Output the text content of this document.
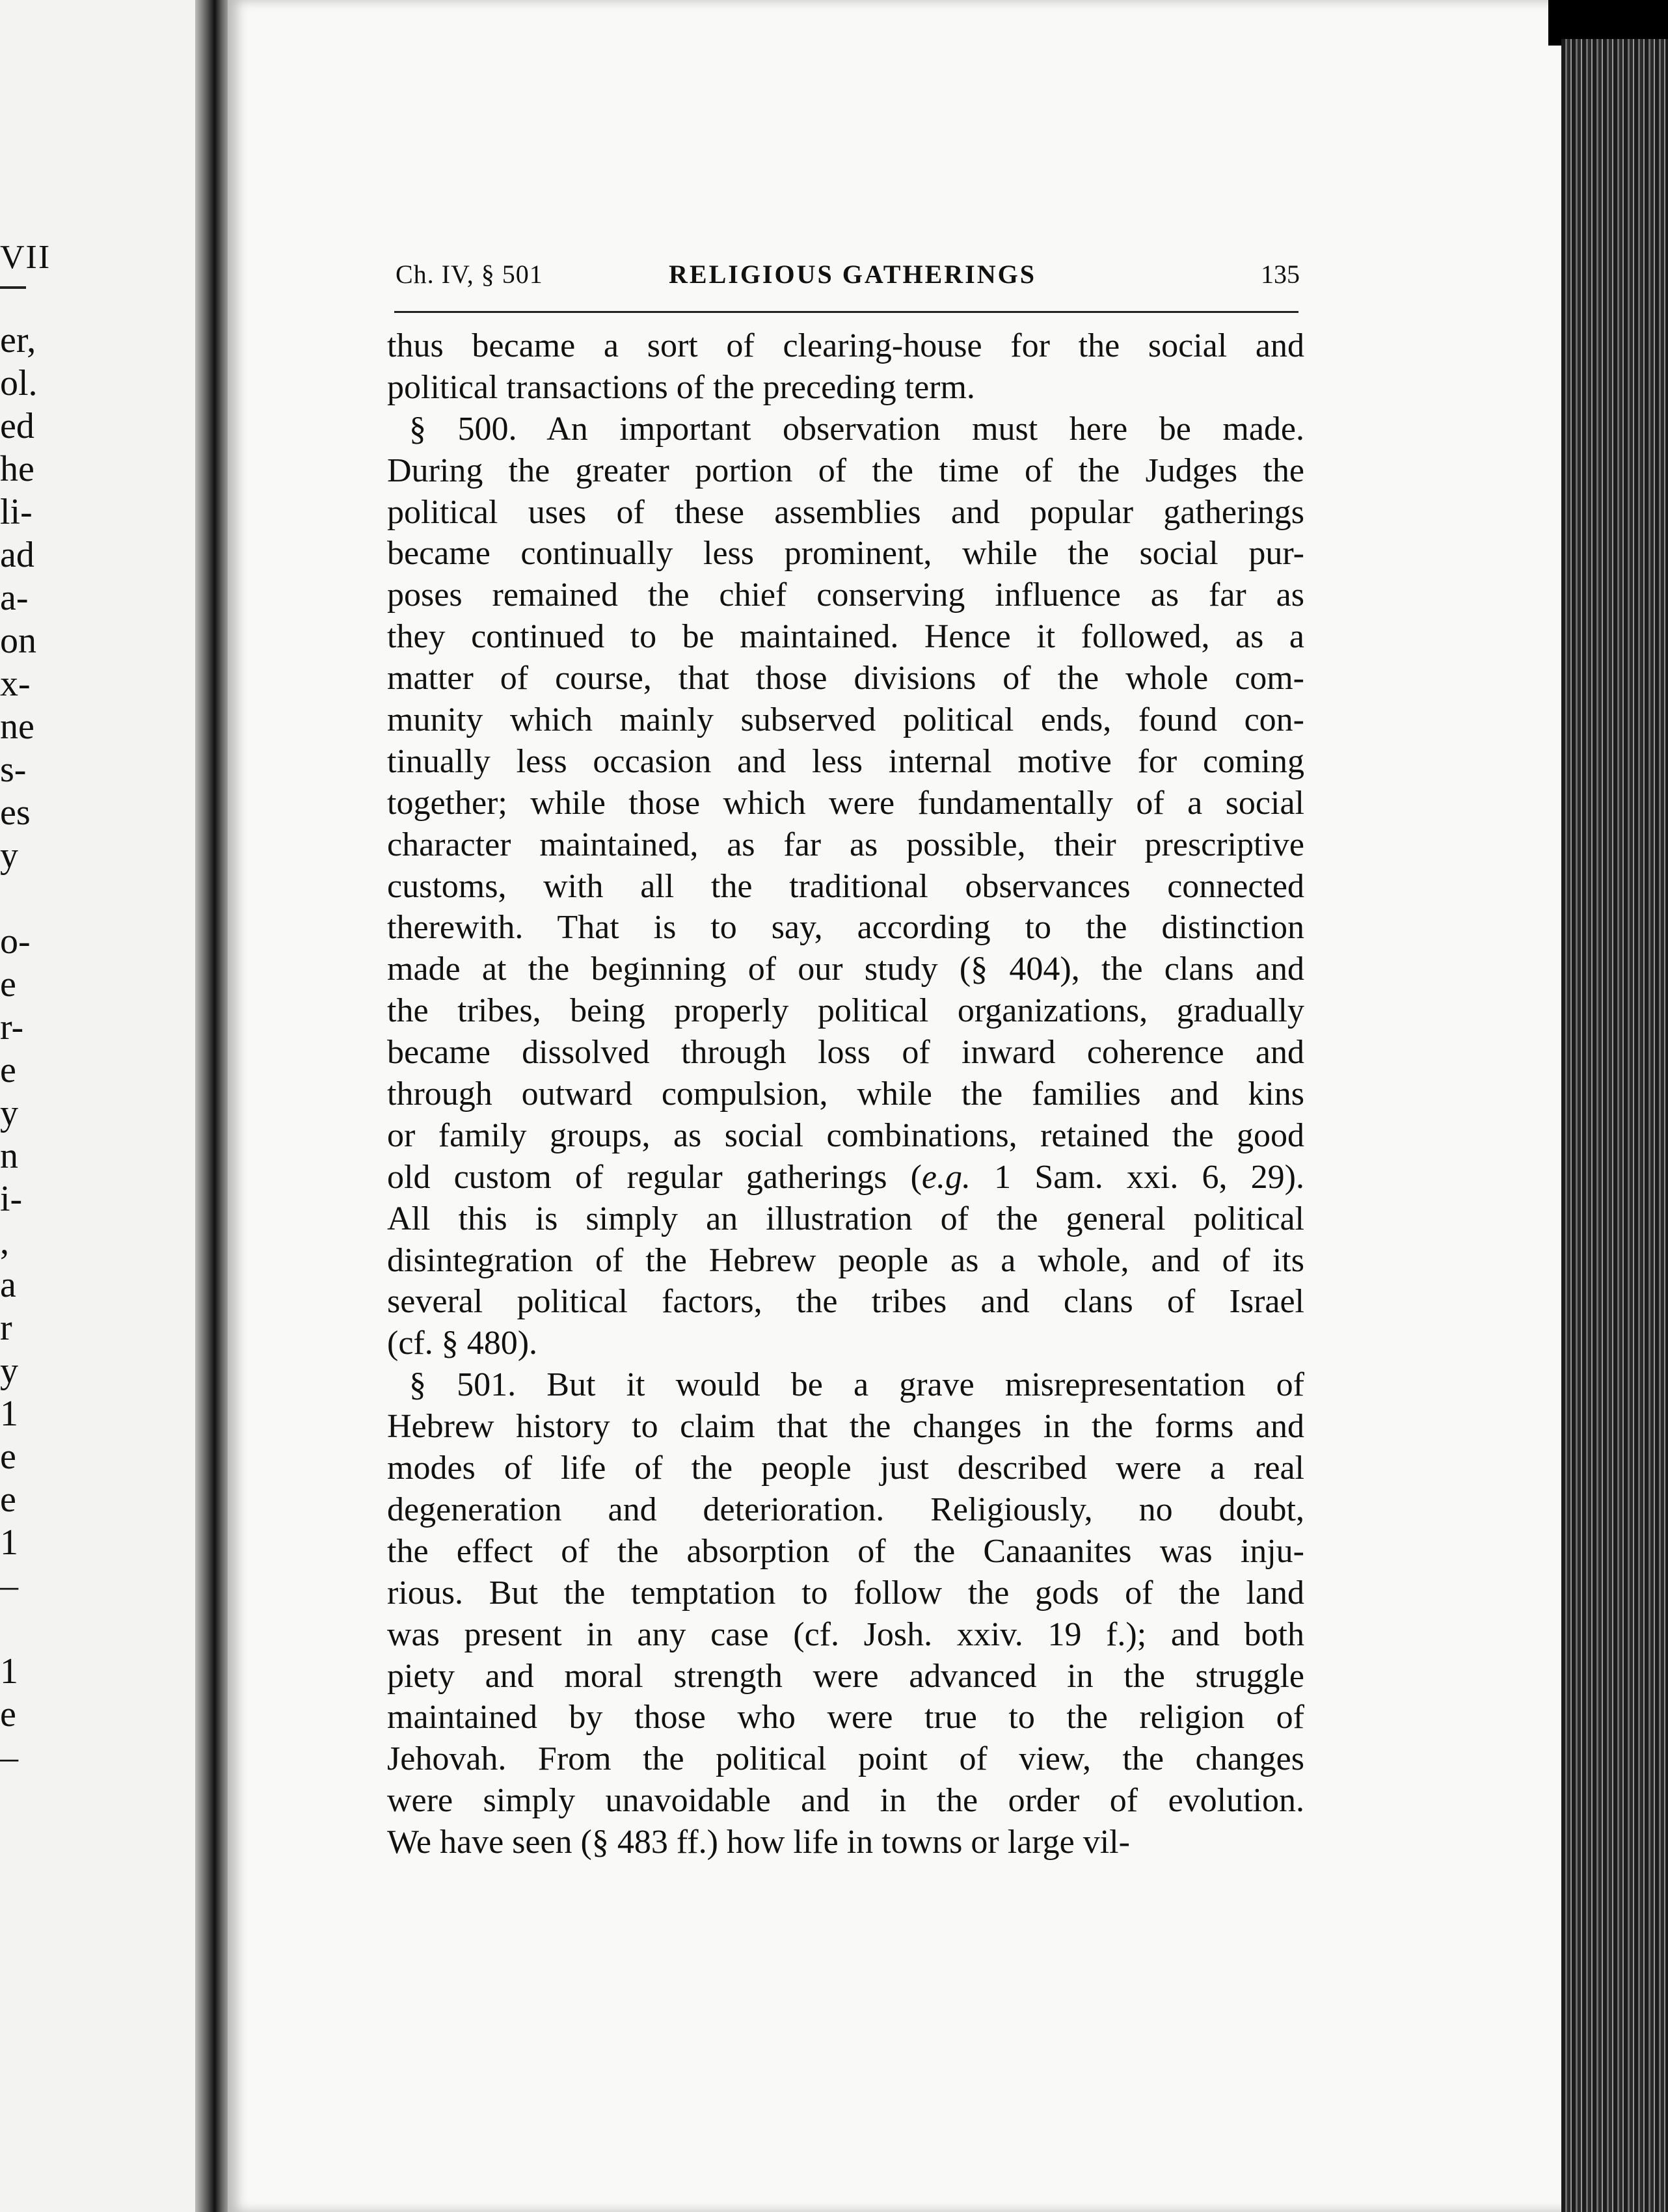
VII
er,
ol.
ed
he
li-
ad
a-
on
x-
ne
s-
es
y

o-
e
r-
e
y
n
i-
,
a
r
y
1
e
e
1
–

1
e
–
Ch. IV, § 501	RELIGIOUS GATHERINGS	135
thus became a sort of clearing-house for the social and
political transactions of the preceding term.
§ 500. An important observation must here be made.
During the greater portion of the time of the Judges the
political uses of these assemblies and popular gatherings
became continually less prominent, while the social pur-
poses remained the chief conserving influence as far as
they continued to be maintained. Hence it followed, as a
matter of course, that those divisions of the whole com-
munity which mainly subserved political ends, found con-
tinually less occasion and less internal motive for coming
together; while those which were fundamentally of a social
character maintained, as far as possible, their prescriptive
customs, with all the traditional observances connected
therewith. That is to say, according to the distinction
made at the beginning of our study (§ 404), the clans and
the tribes, being properly political organizations, gradually
became dissolved through loss of inward coherence and
through outward compulsion, while the families and kins
or family groups, as social combinations, retained the good
old custom of regular gatherings (e.g. 1 Sam. xxi. 6, 29).
All this is simply an illustration of the general political
disintegration of the Hebrew people as a whole, and of its
several political factors, the tribes and clans of Israel
(cf. § 480).
§ 501. But it would be a grave misrepresentation of
Hebrew history to claim that the changes in the forms and
modes of life of the people just described were a real
degeneration and deterioration. Religiously, no doubt,
the effect of the absorption of the Canaanites was inju-
rious. But the temptation to follow the gods of the land
was present in any case (cf. Josh. xxiv. 19 f.); and both
piety and moral strength were advanced in the struggle
maintained by those who were true to the religion of
Jehovah. From the political point of view, the changes
were simply unavoidable and in the order of evolution.
We have seen (§ 483 ff.) how life in towns or large vil-
